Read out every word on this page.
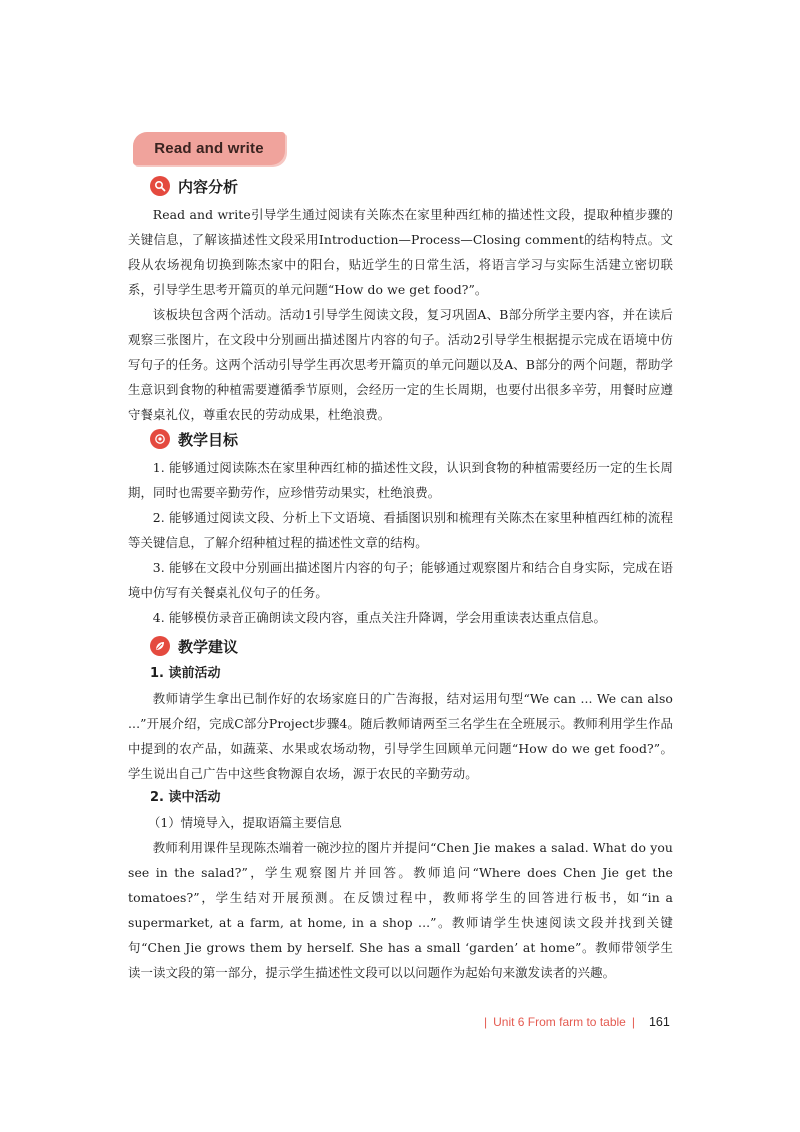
Read and write
内容分析

Read and write引导学生通过阅读有关陈杰在家里种西红柿的描述性文段，提取种植步骤的关键信息，了解该描述性文段采用Introduction—Process—Closing comment的结构特点。文段从农场视角切换到陈杰家中的阳台，贴近学生的日常生活，将语言学习与实际生活建立密切联系，引导学生思考开篇页的单元问题“How do we get food?”。

该板块包含两个活动。活动1引导学生阅读文段，复习巩固A、B部分所学主要内容，并在读后观察三张图片，在文段中分别画出描述图片内容的句子。活动2引导学生根据提示完成在语境中仿写句子的任务。这两个活动引导学生再次思考开篇页的单元问题以及A、B部分的两个问题，帮助学生意识到食物的种植需要遵循季节原则，会经历一定的生长周期，也要付出很多辛劳，用餐时应遵守餐桌礼仪，尊重农民的劳动成果，杜绝浪费。

教学目标

1. 能够通过阅读陈杰在家里种西红柿的描述性文段，认识到食物的种植需要经历一定的生长周期，同时也需要辛勤劳作，应珍惜劳动果实，杜绝浪费。

2. 能够通过阅读文段、分析上下文语境、看插图识别和梳理有关陈杰在家里种植西红柿的流程等关键信息，了解介绍种植过程的描述性文章的结构。

3. 能够在文段中分别画出描述图片内容的句子；能够通过观察图片和结合自身实际，完成在语境中仿写有关餐桌礼仪句子的任务。

4. 能够模仿录音正确朗读文段内容，重点关注升降调，学会用重读表达重点信息。

教学建议

1. 读前活动

教师请学生拿出已制作好的农场家庭日的广告海报，结对运用句型“We can ... We can also ...”开展介绍，完成C部分Project步骤4。随后教师请两至三名学生在全班展示。教师利用学生作品中提到的农产品，如蔬菜、水果或农场动物，引导学生回顾单元问题“How do we get food?”。学生说出自己广告中这些食物源自农场，源于农民的辛勤劳动。

2. 读中活动

（1）情境导入，提取语篇主要信息

教师利用课件呈现陈杰端着一碗沙拉的图片并提问“Chen Jie makes a salad. What do you see in the salad?”，学生观察图片并回答。教师追问“Where does Chen Jie get the tomatoes?”，学生结对开展预测。在反馈过程中，教师将学生的回答进行板书，如“in a supermarket, at a farm, at home, in a shop ...”。教师请学生快速阅读文段并找到关键句“Chen Jie grows them by herself. She has a small ‘garden’ at home”。教师带领学生读一读文段的第一部分，提示学生描述性文段可以以问题作为起始句来激发读者的兴趣。

| Unit 6 From farm to table | 161
